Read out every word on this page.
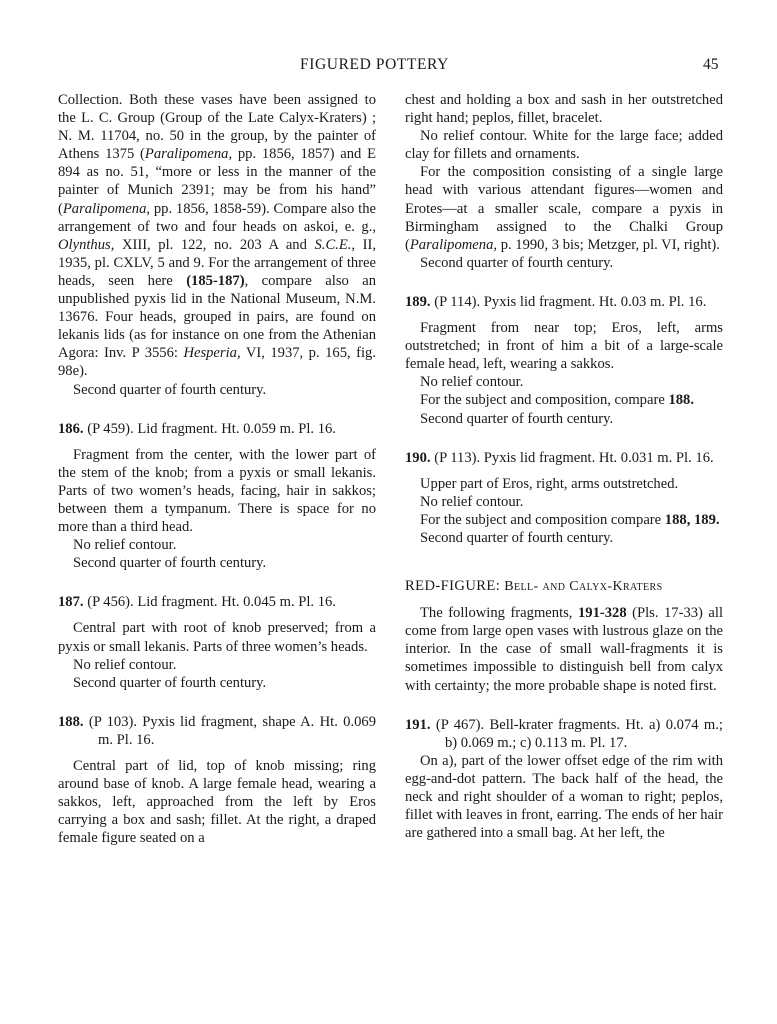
FIGURED POTTERY	45

Collection. Both these vases have been assigned to the L. C. Group (Group of the Late Calyx-Kraters) ; N. M. 11704, no. 50 in the group, by the painter of Athens 1375 (Paralipomena, pp. 1856, 1857) and E 894 as no. 51, “more or less in the manner of the painter of Munich 2391; may be from his hand” (Paralipomena, pp. 1856, 1858-59). Compare also the arrangement of two and four heads on askoi, e. g., Olynthus, XIII, pl. 122, no. 203 A and S.C.E., II, 1935, pl. CXLV, 5 and 9. For the arrangement of three heads, seen here (185-187), compare also an unpublished pyxis lid in the National Museum, N.M. 13676. Four heads, grouped in pairs, are found on lekanis lids (as for instance on one from the Athenian Agora: Inv. P 3556: Hesperia, VI, 1937, p. 165, fig. 98e).

Second quarter of fourth century.

186. (P 459). Lid fragment. Ht. 0.059 m. Pl. 16.

Fragment from the center, with the lower part of the stem of the knob; from a pyxis or small lekanis. Parts of two women’s heads, facing, hair in sakkos; between them a tympanum. There is space for no more than a third head.

No relief contour.

Second quarter of fourth century.

187. (P 456). Lid fragment. Ht. 0.045 m. Pl. 16.

Central part with root of knob preserved; from a pyxis or small lekanis. Parts of three women’s heads.

No relief contour.

Second quarter of fourth century.

188. (P 103). Pyxis lid fragment, shape A. Ht. 0.069 m. Pl. 16.

Central part of lid, top of knob missing; ring around base of knob. A large female head, wearing a sakkos, left, approached from the left by Eros carrying a box and sash; fillet. At the right, a draped female figure seated on a

chest and holding a box and sash in her outstretched right hand; peplos, fillet, bracelet.

No relief contour. White for the large face; added clay for fillets and ornaments.

For the composition consisting of a single large head with various attendant figures—women and Erotes—at a smaller scale, compare a pyxis in Birmingham assigned to the Chalki Group (Paralipomena, p. 1990, 3 bis; Metzger, pl. VI, right).

Second quarter of fourth century.

189. (P 114). Pyxis lid fragment. Ht. 0.03 m. Pl. 16.

Fragment from near top; Eros, left, arms outstretched; in front of him a bit of a large-scale female head, left, wearing a sakkos.

No relief contour.

For the subject and composition, compare 188.

Second quarter of fourth century.

190. (P 113). Pyxis lid fragment. Ht. 0.031 m. Pl. 16.

Upper part of Eros, right, arms outstretched.

No relief contour.

For the subject and composition compare 188, 189.

Second quarter of fourth century.

RED-FIGURE: Bell- and Calyx-Kraters

The following fragments, 191-328 (Pls. 17-33) all come from large open vases with lustrous glaze on the interior. In the case of small wall-fragments it is sometimes impossible to distinguish bell from calyx with certainty; the more probable shape is noted first.

191. (P 467). Bell-krater fragments. Ht. a) 0.074 m.; b) 0.069 m.; c) 0.113 m. Pl. 17.

On a), part of the lower offset edge of the rim with egg-and-dot pattern. The back half of the head, the neck and right shoulder of a woman to right; peplos, fillet with leaves in front, earring. The ends of her hair are gathered into a small bag. At her left, the
